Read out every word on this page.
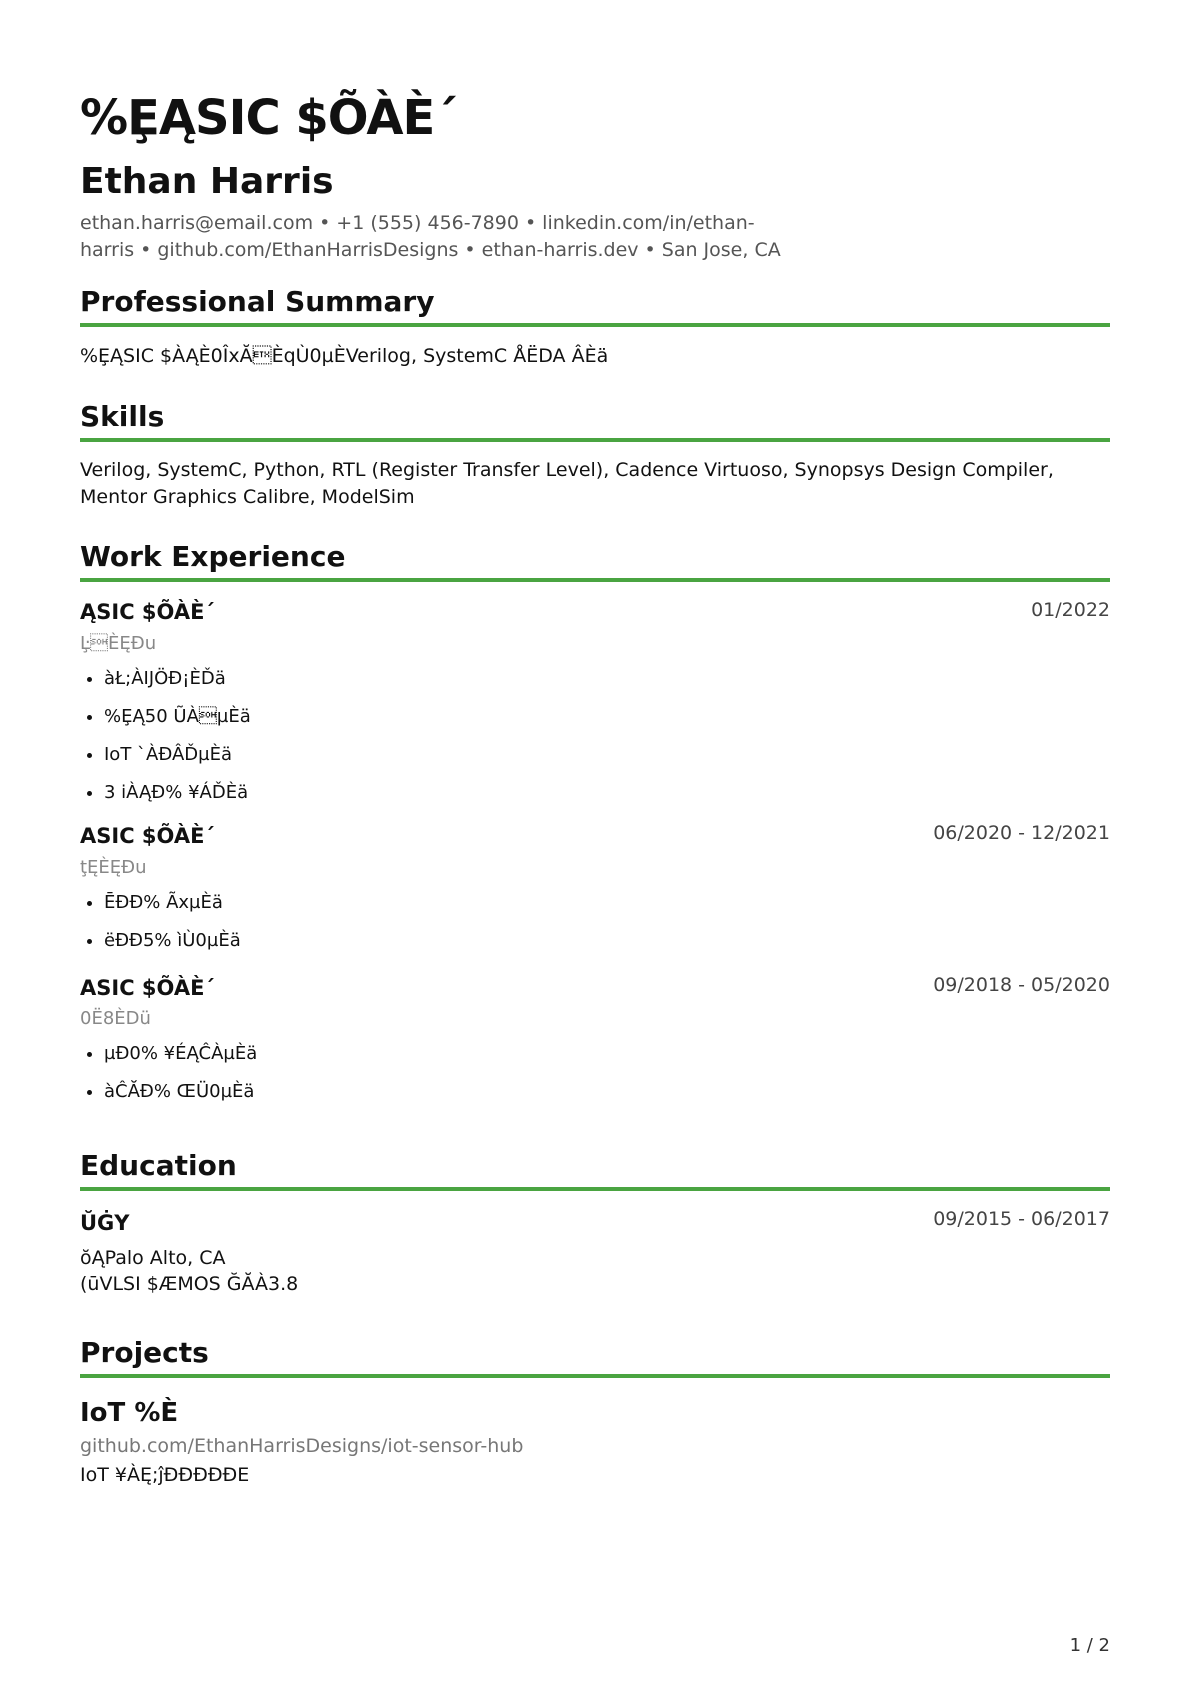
%ȨĄSIC $ÕÀÈ´
Ethan Harris
ethan.harris@email.com • +1 (555) 456-7890 • linkedin.com/in/ethan-harris • github.com/EthanHarrisDesigns • ethan-harris.dev • San Jose, CA
Professional Summary
%ȨĄSIC $ÀĄÈ0ÎxĂÈqÙ0µÈVerilog, SystemC ÅËDA ÂÈä
Skills
Verilog, SystemC, Python, RTL (Register Transfer Level), Cadence Virtuoso, Synopsys Design Compiler, Mentor Graphics Calibre, ModelSim
Work Experience
ĄSIC $ÕÀÈ´	01/2022
Ŀ̧ÈĘÐu
• àŁ;ÀĲÖĐ¡ÈĎä
• %ȨĄ50 ŨÀµÈä
• IoT `ÀĐÂĎµÈä
• 3 iÀĄĐ% ¥ÁĎÈä
ASIC $ÕÀÈ´	06/2020 - 12/2021
ţĘÈĘÐu
• ĒĐĐ% ÃxµÈä
• ëĐĐ5% ìÙ0µÈä
ASIC $ÕÀÈ´	09/2018 - 05/2020
0Ë8ÈDü
• µĐ0% ¥ÉĄĈÀµÈä
• àĈĂĐ% ŒÜ0µÈä
Education
ŬĠY	09/2015 - 06/2017
ŏĄPalo Alto, CA
(ūVLSI $ÆMOS ĞĂÀ3.8
Projects
IoT %È
github.com/EthanHarrisDesigns/iot-sensor-hub
IoT ¥ÀĘ;ĵĐĐĐĐĐE
1 / 2
